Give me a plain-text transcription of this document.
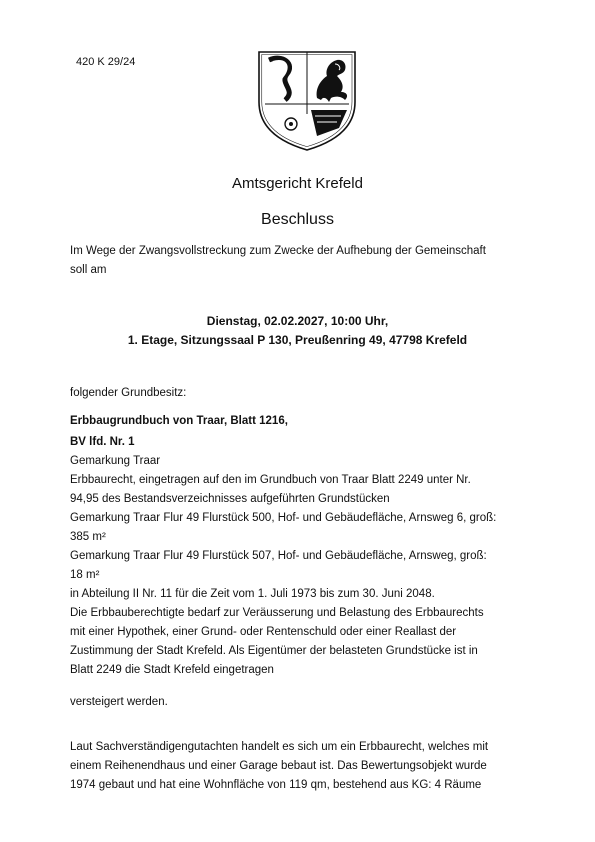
420 K 29/24
Amtsgericht Krefeld
Beschluss
Im Wege der Zwangsvollstreckung zum Zwecke der Aufhebung der Gemeinschaft
soll am
Dienstag, 02.02.2027, 10:00 Uhr,
1. Etage, Sitzungssaal P 130, Preußenring 49, 47798 Krefeld
folgender Grundbesitz:
Erbbaugrundbuch von Traar, Blatt 1216,
BV lfd. Nr. 1
Gemarkung Traar
Erbbaurecht, eingetragen auf den im Grundbuch von Traar Blatt 2249 unter Nr.
94,95 des Bestandsverzeichnisses aufgeführten Grundstücken
Gemarkung Traar Flur 49 Flurstück 500, Hof- und Gebäudefläche, Arnsweg 6, groß:
385 m²
Gemarkung Traar Flur 49 Flurstück 507, Hof- und Gebäudefläche, Arnsweg, groß:
18 m²
in Abteilung II Nr. 11 für die Zeit vom 1. Juli 1973 bis zum 30. Juni 2048.
Die Erbbauberechtigte bedarf zur Veräusserung und Belastung des Erbbaurechts
mit einer Hypothek, einer Grund- oder Rentenschuld oder einer Reallast der
Zustimmung der Stadt Krefeld. Als Eigentümer der belasteten Grundstücke ist in
Blatt 2249 die Stadt Krefeld eingetragen
versteigert werden.
Laut Sachverständigengutachten handelt es sich um ein Erbbaurecht, welches mit
einem Reihenendhaus und einer Garage bebaut ist. Das Bewertungsobjekt wurde
1974 gebaut und hat eine Wohnfläche von 119 qm, bestehend aus KG: 4 Räume
